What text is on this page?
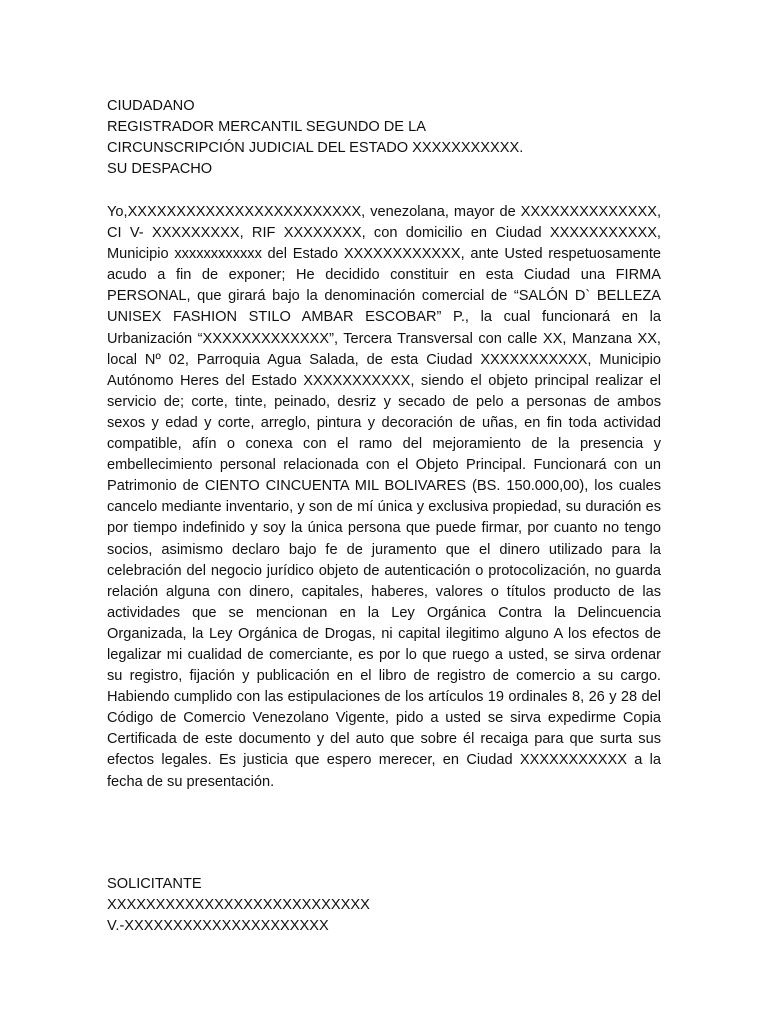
CIUDADANO
REGISTRADOR MERCANTIL SEGUNDO DE LA
CIRCUNSCRIPCIÓN JUDICIAL DEL ESTADO XXXXXXXXXXX.
SU DESPACHO

Yo,XXXXXXXXXXXXXXXXXXXXXXXX, venezolana, mayor de XXXXXXXXXXXXXX, CI V- XXXXXXXXX, RIF XXXXXXXX, con domicilio en Ciudad XXXXXXXXXXX, Municipio xxxxxxxxxxxx del Estado XXXXXXXXXXXX, ante Usted respetuosamente acudo a fin de exponer; He decidido constituir en esta Ciudad una FIRMA PERSONAL, que girará bajo la denominación comercial de “SALÓN D` BELLEZA UNISEX FASHION STILO AMBAR ESCOBAR” P., la cual funcionará en la Urbanización “XXXXXXXXXXXXX”, Tercera Transversal con calle XX, Manzana XX, local Nº 02, Parroquia Agua Salada, de esta Ciudad XXXXXXXXXXX, Municipio Autónomo Heres del Estado XXXXXXXXXXX, siendo el objeto principal realizar el servicio de; corte, tinte, peinado, desriz y secado de pelo a personas de ambos sexos y edad y corte, arreglo, pintura y decoración de uñas, en fin toda actividad compatible, afín o conexa con el ramo del mejoramiento de la presencia y embellecimiento personal relacionada con el Objeto Principal. Funcionará con un Patrimonio de CIENTO CINCUENTA MIL BOLIVARES (BS. 150.000,00), los cuales cancelo mediante inventario, y son de mí única y exclusiva propiedad, su duración es por tiempo indefinido y soy la única persona que puede firmar, por cuanto no tengo socios, asimismo declaro bajo fe de juramento que el dinero utilizado para la celebración del negocio jurídico objeto de autenticación o protocolización, no guarda relación alguna con dinero, capitales, haberes, valores o títulos producto de las actividades que se mencionan en la Ley Orgánica Contra la Delincuencia Organizada, la Ley Orgánica de Drogas, ni capital ilegitimo alguno A los efectos de legalizar mi cualidad de comerciante, es por lo que ruego a usted, se sirva ordenar su registro, fijación y publicación en el libro de registro de comercio a su cargo. Habiendo cumplido con las estipulaciones de los artículos 19 ordinales 8, 26 y 28 del Código de Comercio Venezolano Vigente, pido a usted se sirva expedirme Copia Certificada de este documento y del auto que sobre él recaiga para que surta sus efectos legales. Es justicia que espero merecer, en Ciudad XXXXXXXXXXX a la fecha de su presentación.

SOLICITANTE
XXXXXXXXXXXXXXXXXXXXXXXXXXX
V.-XXXXXXXXXXXXXXXXXXXXX
